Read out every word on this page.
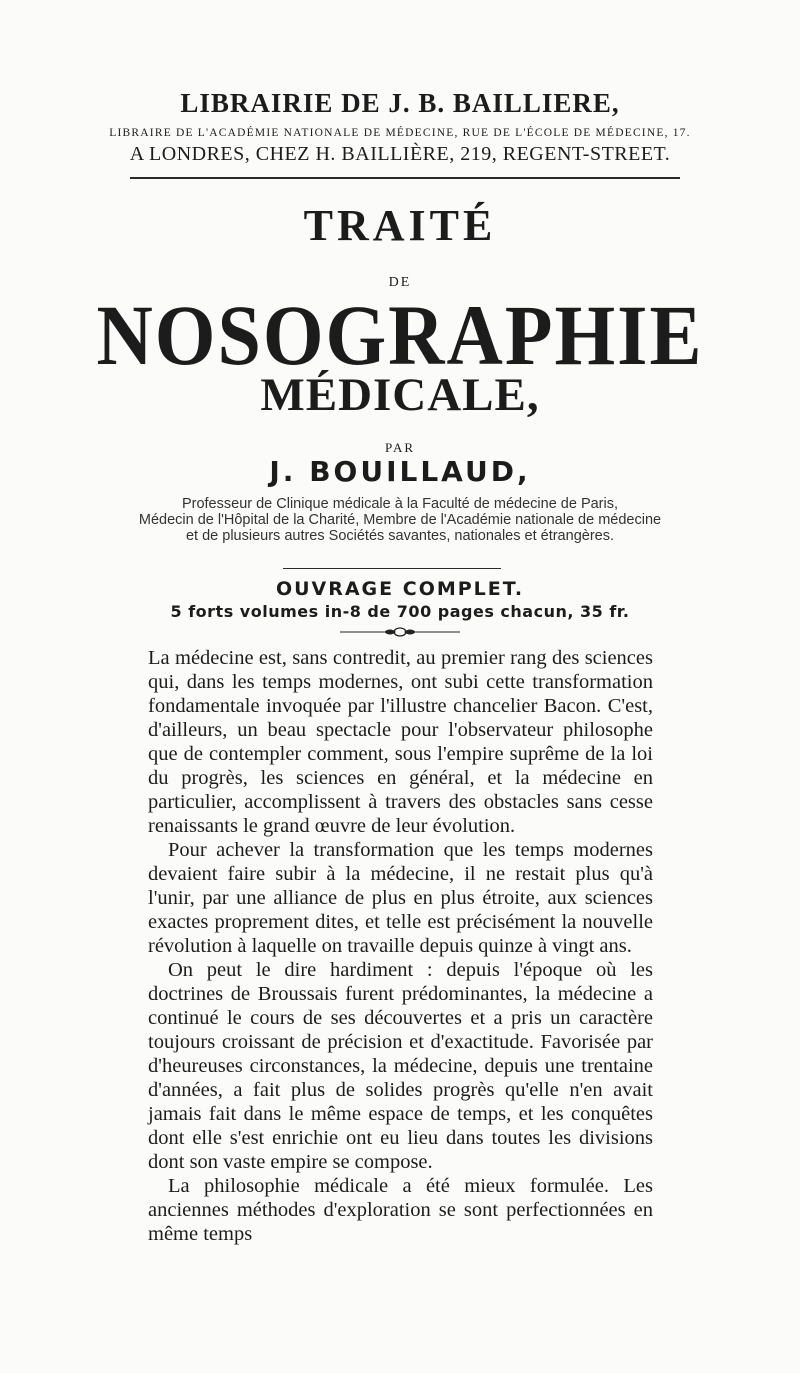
LIBRAIRIE DE J. B. BAILLIERE,
LIBRAIRE DE L'ACADÉMIE NATIONALE DE MÉDECINE, RUE DE L'ÉCOLE DE MÉDECINE, 17.
A LONDRES, CHEZ H. BAILLIÈRE, 219, REGENT-STREET.
TRAITÉ
DE
NOSOGRAPHIE
MÉDICALE,
PAR
J. BOUILLAUD,
Professeur de Clinique médicale à la Faculté de médecine de Paris,
Médecin de l'Hôpital de la Charité, Membre de l'Académie nationale de médecine
et de plusieurs autres Sociétés savantes, nationales et étrangères.
OUVRAGE COMPLET.
5 forts volumes in-8 de 700 pages chacun, 35 fr.

La médecine est, sans contredit, au premier rang des sciences qui, dans les temps modernes, ont subi cette transformation fondamentale invoquée par l'illustre chancelier Bacon. C'est, d'ailleurs, un beau spectacle pour l'observateur philosophe que de contempler comment, sous l'empire suprême de la loi du progrès, les sciences en général, et la médecine en particulier, accomplissent à travers des obstacles sans cesse renaissants le grand œuvre de leur évolution.

Pour achever la transformation que les temps modernes devaient faire subir à la médecine, il ne restait plus qu'à l'unir, par une alliance de plus en plus étroite, aux sciences exactes proprement dites, et telle est précisément la nouvelle révolution à laquelle on travaille depuis quinze à vingt ans.

On peut le dire hardiment : depuis l'époque où les doctrines de Broussais furent prédominantes, la médecine a continué le cours de ses découvertes et a pris un caractère toujours croissant de précision et d'exactitude. Favorisée par d'heureuses circonstances, la médecine, depuis une trentaine d'années, a fait plus de solides progrès qu'elle n'en avait jamais fait dans le même espace de temps, et les conquêtes dont elle s'est enrichie ont eu lieu dans toutes les divisions dont son vaste empire se compose.

La philosophie médicale a été mieux formulée. Les anciennes méthodes d'exploration se sont perfectionnées en même temps
